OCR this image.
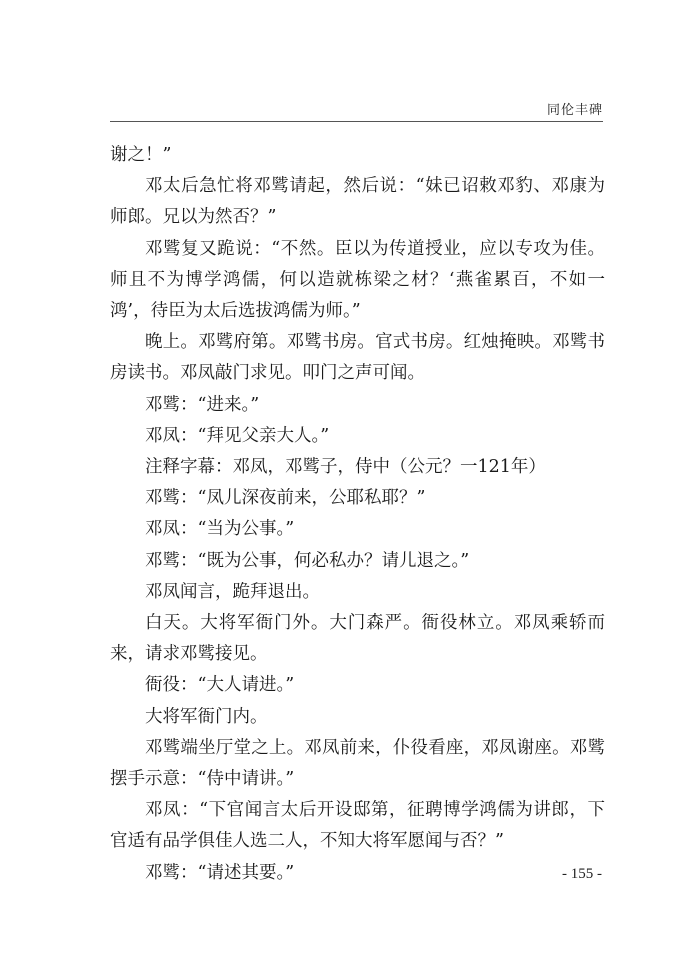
同伦丰碑

谢之！”

邓太后急忙将邓骘请起，然后说：“妹已诏敕邓豹、邓康为师郎。兄以为然否？”

邓骘复又跪说：“不然。臣以为传道授业，应以专攻为佳。师且不为博学鸿儒，何以造就栋梁之材？‘燕雀累百，不如一鸿’，待臣为太后选拔鸿儒为师。”

晚上。邓骘府第。邓骘书房。官式书房。红烛掩映。邓骘书房读书。邓凤敲门求见。叩门之声可闻。

邓骘：“进来。”

邓凤：“拜见父亲大人。”

注释字幕：邓凤，邓骘子，侍中（公元？一121年）

邓骘：“凤儿深夜前来，公耶私耶？”

邓凤：“当为公事。”

邓骘：“既为公事，何必私办？请儿退之。”

邓凤闻言，跪拜退出。

白天。大将军衙门外。大门森严。衙役林立。邓凤乘轿而来，请求邓骘接见。

衙役：“大人请进。”

大将军衙门内。

邓骘端坐厅堂之上。邓凤前来，仆役看座，邓凤谢座。邓骘摆手示意：“侍中请讲。”

邓凤：“下官闻言太后开设邸第，征聘博学鸿儒为讲郎，下官适有品学俱佳人选二人，不知大将军愿闻与否？”

邓骘：“请述其要。”	- 155 -
